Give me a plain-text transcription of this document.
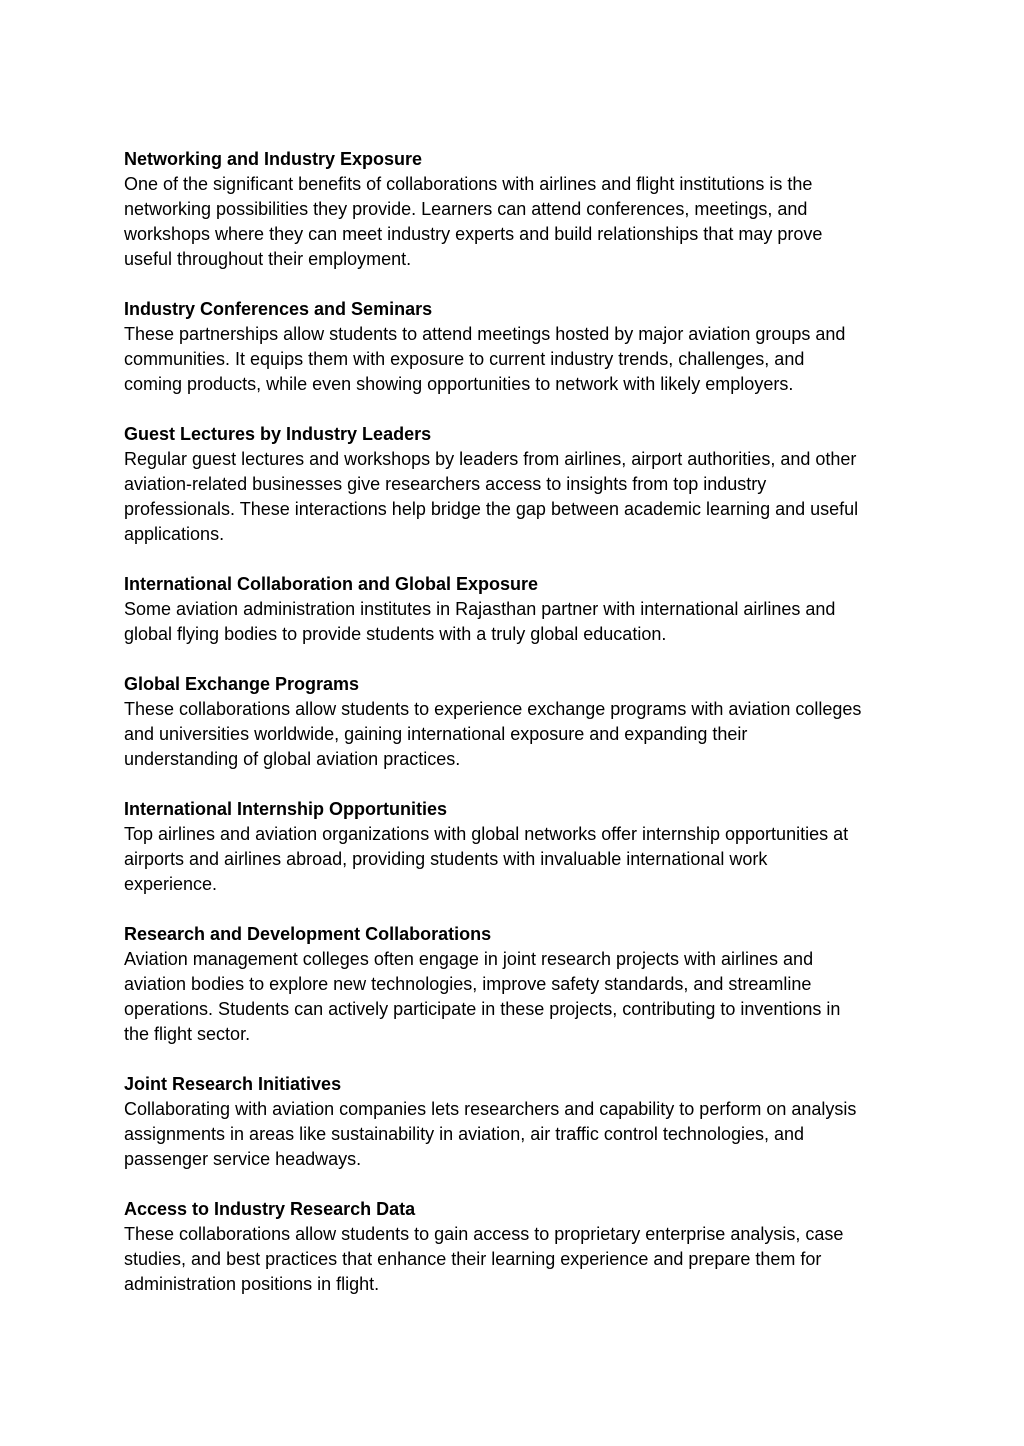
Networking and Industry Exposure
One of the significant benefits of collaborations with airlines and flight institutions is the
networking possibilities they provide. Learners can attend conferences, meetings, and
workshops where they can meet industry experts and build relationships that may prove
useful throughout their employment.
Industry Conferences and Seminars
These partnerships allow students to attend meetings hosted by major aviation groups and
communities. It equips them with exposure to current industry trends, challenges, and
coming products, while even showing opportunities to network with likely employers.
Guest Lectures by Industry Leaders
Regular guest lectures and workshops by leaders from airlines, airport authorities, and other
aviation-related businesses give researchers access to insights from top industry
professionals. These interactions help bridge the gap between academic learning and useful
applications.
International Collaboration and Global Exposure
Some aviation administration institutes in Rajasthan partner with international airlines and
global flying bodies to provide students with a truly global education.
Global Exchange Programs
These collaborations allow students to experience exchange programs with aviation colleges
and universities worldwide, gaining international exposure and expanding their
understanding of global aviation practices.
International Internship Opportunities
Top airlines and aviation organizations with global networks offer internship opportunities at
airports and airlines abroad, providing students with invaluable international work
experience.
Research and Development Collaborations
Aviation management colleges often engage in joint research projects with airlines and
aviation bodies to explore new technologies, improve safety standards, and streamline
operations. Students can actively participate in these projects, contributing to inventions in
the flight sector.
Joint Research Initiatives
Collaborating with aviation companies lets researchers and capability to perform on analysis
assignments in areas like sustainability in aviation, air traffic control technologies, and
passenger service headways.
Access to Industry Research Data
These collaborations allow students to gain access to proprietary enterprise analysis, case
studies, and best practices that enhance their learning experience and prepare them for
administration positions in flight.
